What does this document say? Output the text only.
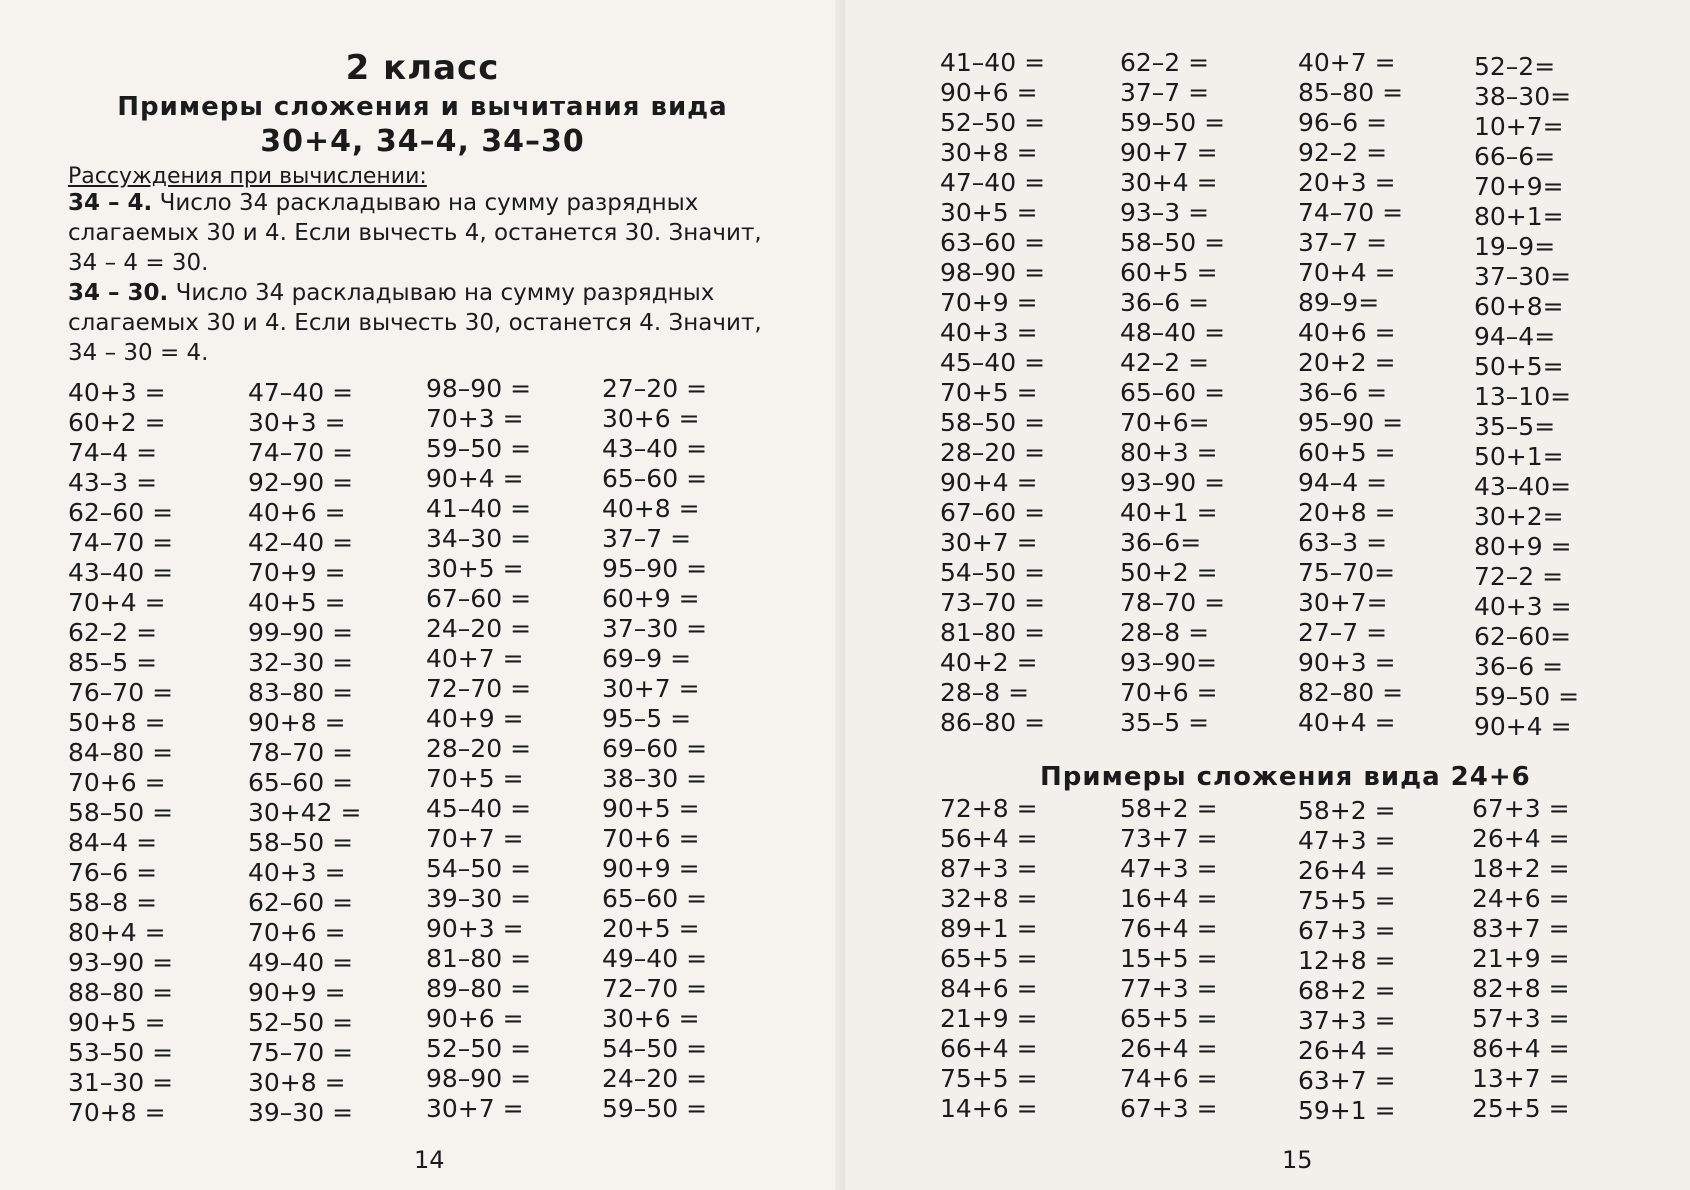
2 класс
Примеры сложения и вычитания вида
30+4, 34–4, 34–30
Рассуждения при вычислении:

34 – 4. Число 34 раскладываю на сумму разрядных слагаемых 30 и 4. Если вычесть 4, останется 30. Значит, 34 – 4 = 30.

34 – 30. Число 34 раскладываю на сумму разрядных слагаемых 30 и 4. Если вычесть 30, останется 4. Значит, 34 – 30 = 4.

40+3 =
60+2 =
74–4 =
43–3 =
62–60 =
74–70 =
43–40 =
70+4 =
62–2 =
85–5 =
76–70 =
50+8 =
84–80 =
70+6 =
58–50 =
84–4 =
76–6 =
58–8 =
80+4 =
93–90 =
88–80 =
90+5 =
53–50 =
31–30 =
70+8 =
47–40 =
30+3 =
74–70 =
92–90 =
40+6 =
42–40 =
70+9 =
40+5 =
99–90 =
32–30 =
83–80 =
90+8 =
78–70 =
65–60 =
30+42 =
58–50 =
40+3 =
62–60 =
70+6 =
49–40 =
90+9 =
52–50 =
75–70 =
30+8 =
39–30 =
98–90 =
70+3 =
59–50 =
90+4 =
41–40 =
34–30 =
30+5 =
67–60 =
24–20 =
40+7 =
72–70 =
40+9 =
28–20 =
70+5 =
45–40 =
70+7 =
54–50 =
39–30 =
90+3 =
81–80 =
89–80 =
90+6 =
52–50 =
98–90 =
30+7 =
27–20 =
30+6 =
43–40 =
65–60 =
40+8 =
37–7 =
95–90 =
60+9 =
37–30 =
69–9 =
30+7 =
95–5 =
69–60 =
38–30 =
90+5 =
70+6 =
90+9 =
65–60 =
20+5 =
49–40 =
72–70 =
30+6 =
54–50 =
24–20 =
59–50 =
14
41–40 =
90+6 =
52–50 =
30+8 =
47–40 =
30+5 =
63–60 =
98–90 =
70+9 =
40+3 =
45–40 =
70+5 =
58–50 =
28–20 =
90+4 =
67–60 =
30+7 =
54–50 =
73–70 =
81–80 =
40+2 =
28–8 =
86–80 =
62–2 =
37–7 =
59–50 =
90+7 =
30+4 =
93–3 =
58–50 =
60+5 =
36–6 =
48–40 =
42–2 =
65–60 =
70+6=
80+3 =
93–90 =
40+1 =
36–6=
50+2 =
78–70 =
28–8 =
93–90=
70+6 =
35–5 =
40+7 =
85–80 =
96–6 =
92–2 =
20+3 =
74–70 =
37–7 =
70+4 =
89–9=
40+6 =
20+2 =
36–6 =
95–90 =
60+5 =
94–4 =
20+8 =
63–3 =
75–70=
30+7=
27–7 =
90+3 =
82–80 =
40+4 =
52–2=
38–30=
10+7=
66–6=
70+9=
80+1=
19–9=
37–30=
60+8=
94–4=
50+5=
13–10=
35–5=
50+1=
43–40=
30+2=
80+9 =
72–2 =
40+3 =
62–60=
36–6 =
59–50 =
90+4 =
Примеры сложения вида 24+6
72+8 =
56+4 =
87+3 =
32+8 =
89+1 =
65+5 =
84+6 =
21+9 =
66+4 =
75+5 =
14+6 =
58+2 =
73+7 =
47+3 =
16+4 =
76+4 =
15+5 =
77+3 =
65+5 =
26+4 =
74+6 =
67+3 =
58+2 =
47+3 =
26+4 =
75+5 =
67+3 =
12+8 =
68+2 =
37+3 =
26+4 =
63+7 =
59+1 =
67+3 =
26+4 =
18+2 =
24+6 =
83+7 =
21+9 =
82+8 =
57+3 =
86+4 =
13+7 =
25+5 =
15
